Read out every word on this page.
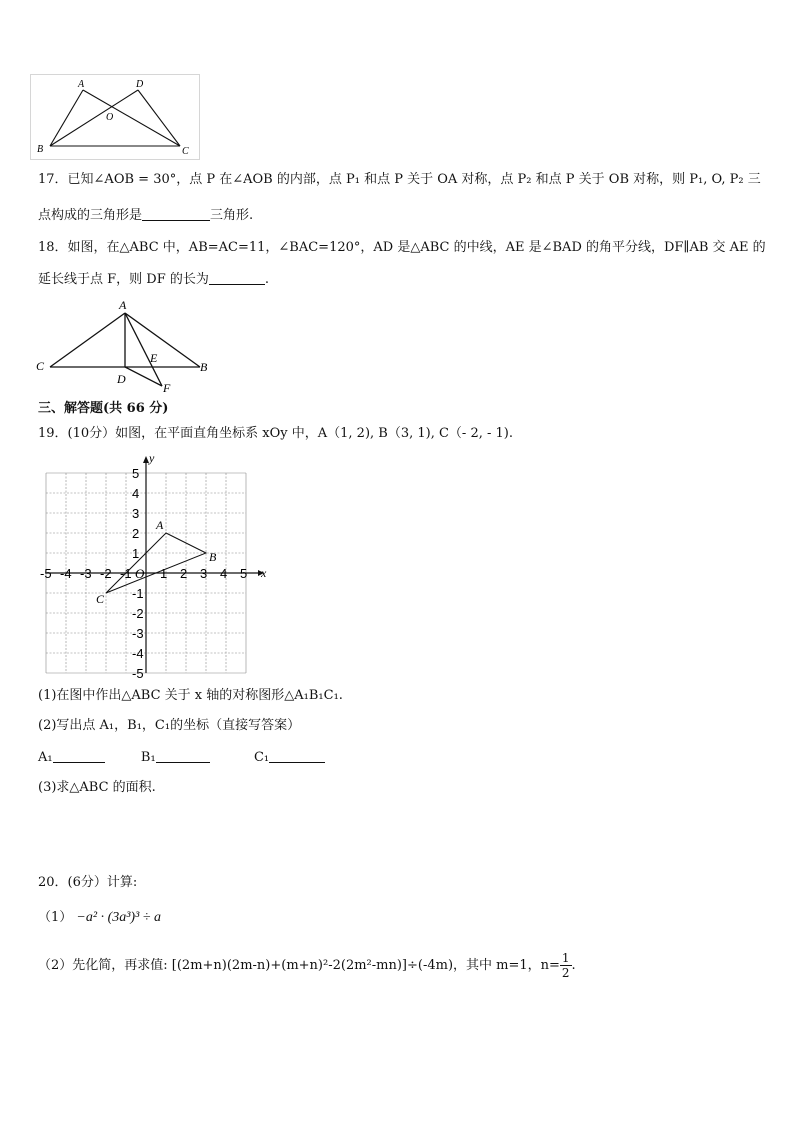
A	D
O
B	C
17．已知∠AOB = 30°，点 P 在∠AOB 的内部，点 P₁ 和点 P 关于 OA 对称，点 P₂ 和点 P 关于 OB 对称，则 P₁, O, P₂ 三
点构成的三角形是	三角形.
18．如图，在△ABC 中，AB=AC=11，∠BAC=120°，AD 是△ABC 的中线，AE 是∠BAD 的角平分线，DF∥AB 交 AE 的
延长线于点 F，则 DF 的长为	.
A
C	B
D
E
F
三、解答题(共 66 分)
19．(10分）如图，在平面直角坐标系 xOy 中，A（1, 2), B（3, 1), C（- 2, - 1).
x
y
-5 -4 -3 -2 -1 1 2 3 4 5
5
4
3
2
1
-1
-2
-3
-4
-5
O
A
B
C
(1)在图中作出△ABC 关于 x 轴的对称图形△A₁B₁C₁.
(2)写出点 A₁，B₁，C₁的坐标（直接写答案）
A₁	B₁	C₁
(3)求△ABC 的面积.
20．(6分）计算:
（1） −a² · (3a³)³ ÷ a
（2）先化简，再求值: [(2m+n)(2m-n)+(m+n)²-2(2m²-mn)]÷(-4m)，其中 m=1，$n= \frac{1}{2}$ .
